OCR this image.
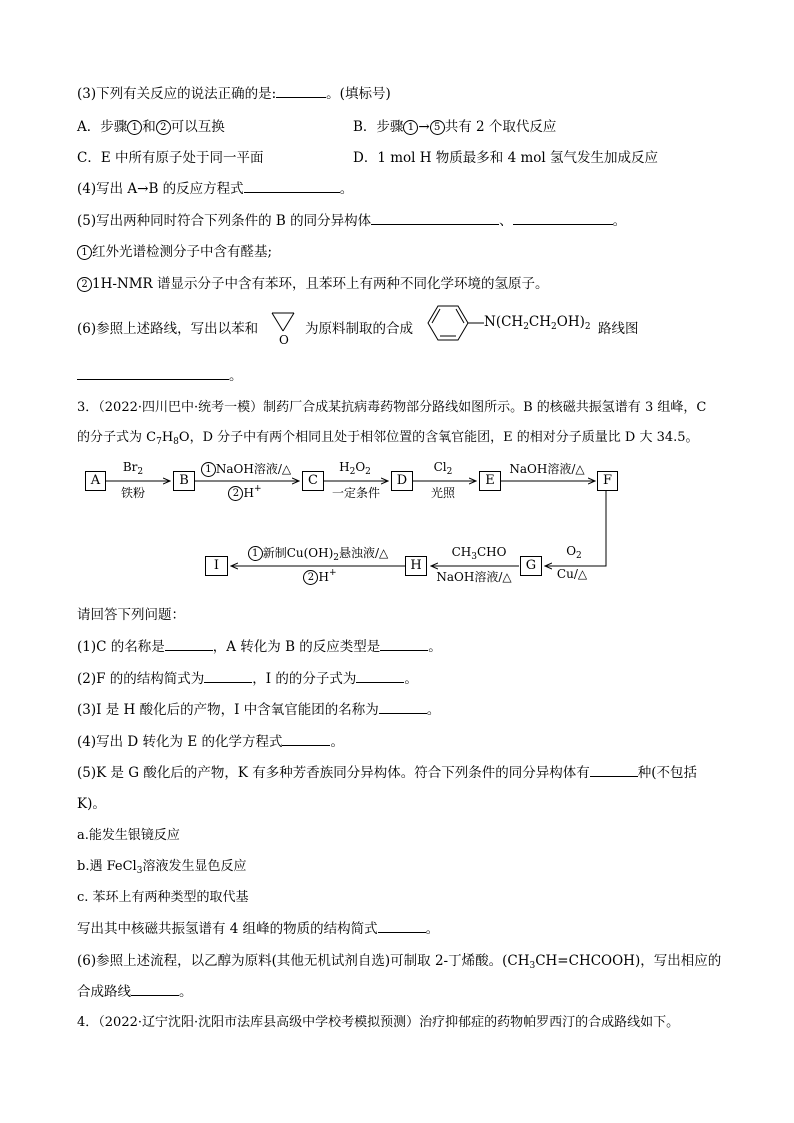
(3)下列有关反应的说法正确的是:	。(填标号)
A．步骤 1 和 2 可以互换	B．步骤 1 → 5 共有 2 个取代反应
C．E 中所有原子处于同一平面	D．1 mol H 物质最多和 4 mol 氢气发生加成反应
(4)写出 A→B 的反应方程式	。
(5)写出两种同时符合下列条件的 B 的同分异构体	、	。
1 红外光谱检测分子中含有醛基;
2 1H-NMR 谱显示分子中含有苯环，且苯环上有两种不同化学环境的氢原子。
(6)参照上述路线，写出以苯和	为原料制取的合成	$N(CH_2CH_2OH)_2$ 路线图
O
。
3．（2022·四川巴中·统考一模）制药厂合成某抗病毒药物部分路线如图所示。B 的核磁共振氢谱有 3 组峰，C
的分子式为 $C_7H_8O$，D 分子中有两个相同且处于相邻位置的含氧官能团，E 的相对分子质量比 D 大 34.5。
A	B	C	D	E	F
G
H
I
$Br_2$
铁粉
1 NaOH溶液/△
2 H+
$H_2O_2$
一定条件
$Cl_2$
光照
NaOH溶液/△
$O_2$
Cu/△
$CH_3CHO$
NaOH溶液/△
1 新制$Cu(OH)_2$悬浊液/△
2 H+
请回答下列问题：
(1)C 的名称是	，A 转化为 B 的反应类型是	。
(2)F 的的结构简式为	，I 的的分子式为	。
(3)I 是 H 酸化后的产物，I 中含氧官能团的名称为	。
(4)写出 D 转化为 E 的化学方程式	。
(5)K 是 G 酸化后的产物，K 有多种芳香族同分异构体。符合下列条件的同分异构体有	种(不包括
K)。
a.能发生银镜反应
b.遇 FeCl$_3$溶液发生显色反应
c. 苯环上有两种类型的取代基
写出其中核磁共振氢谱有 4 组峰的物质的结构简式	。
(6)参照上述流程，以乙醇为原料(其他无机试剂自选)可制取 2-丁烯酸。$(CH_3CH=CHCOOH)$，写出相应的
合成路线	。
4．（2022·辽宁沈阳·沈阳市法库县高级中学校考模拟预测）治疗抑郁症的药物帕罗西汀的合成路线如下。
